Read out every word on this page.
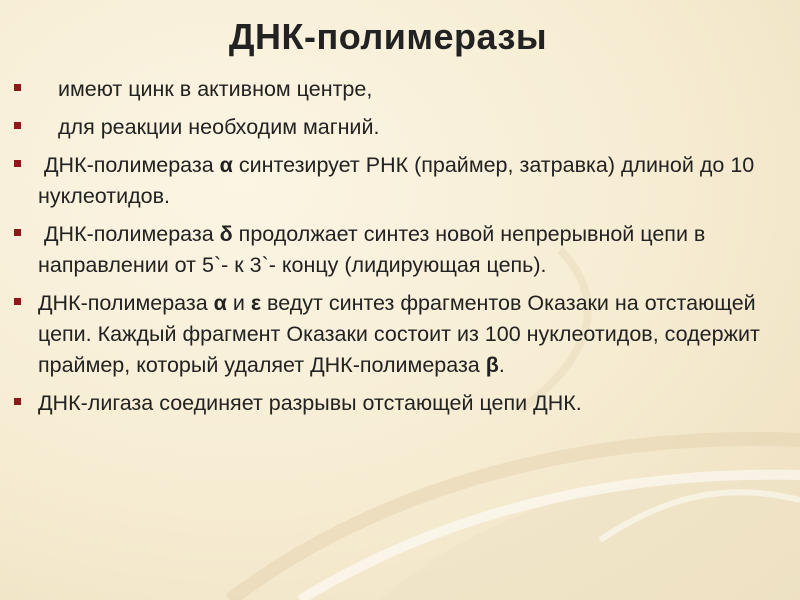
ДНК-полимеразы
имеют цинк в активном центре,
для реакции необходим магний.
ДНК-полимераза α синтезирует РНК (праймер, затравка) длиной до 10 нуклеотидов.
ДНК-полимераза δ продолжает синтез новой непрерывной цепи в направлении от 5`- к 3`- концу (лидирующая цепь).
ДНК-полимераза α и ε ведут синтез фрагментов Оказаки на отстающей цепи. Каждый фрагмент Оказаки состоит из 100 нуклеотидов, содержит праймер, который удаляет ДНК-полимераза β.
ДНК-лигаза соединяет разрывы отстающей цепи ДНК.
